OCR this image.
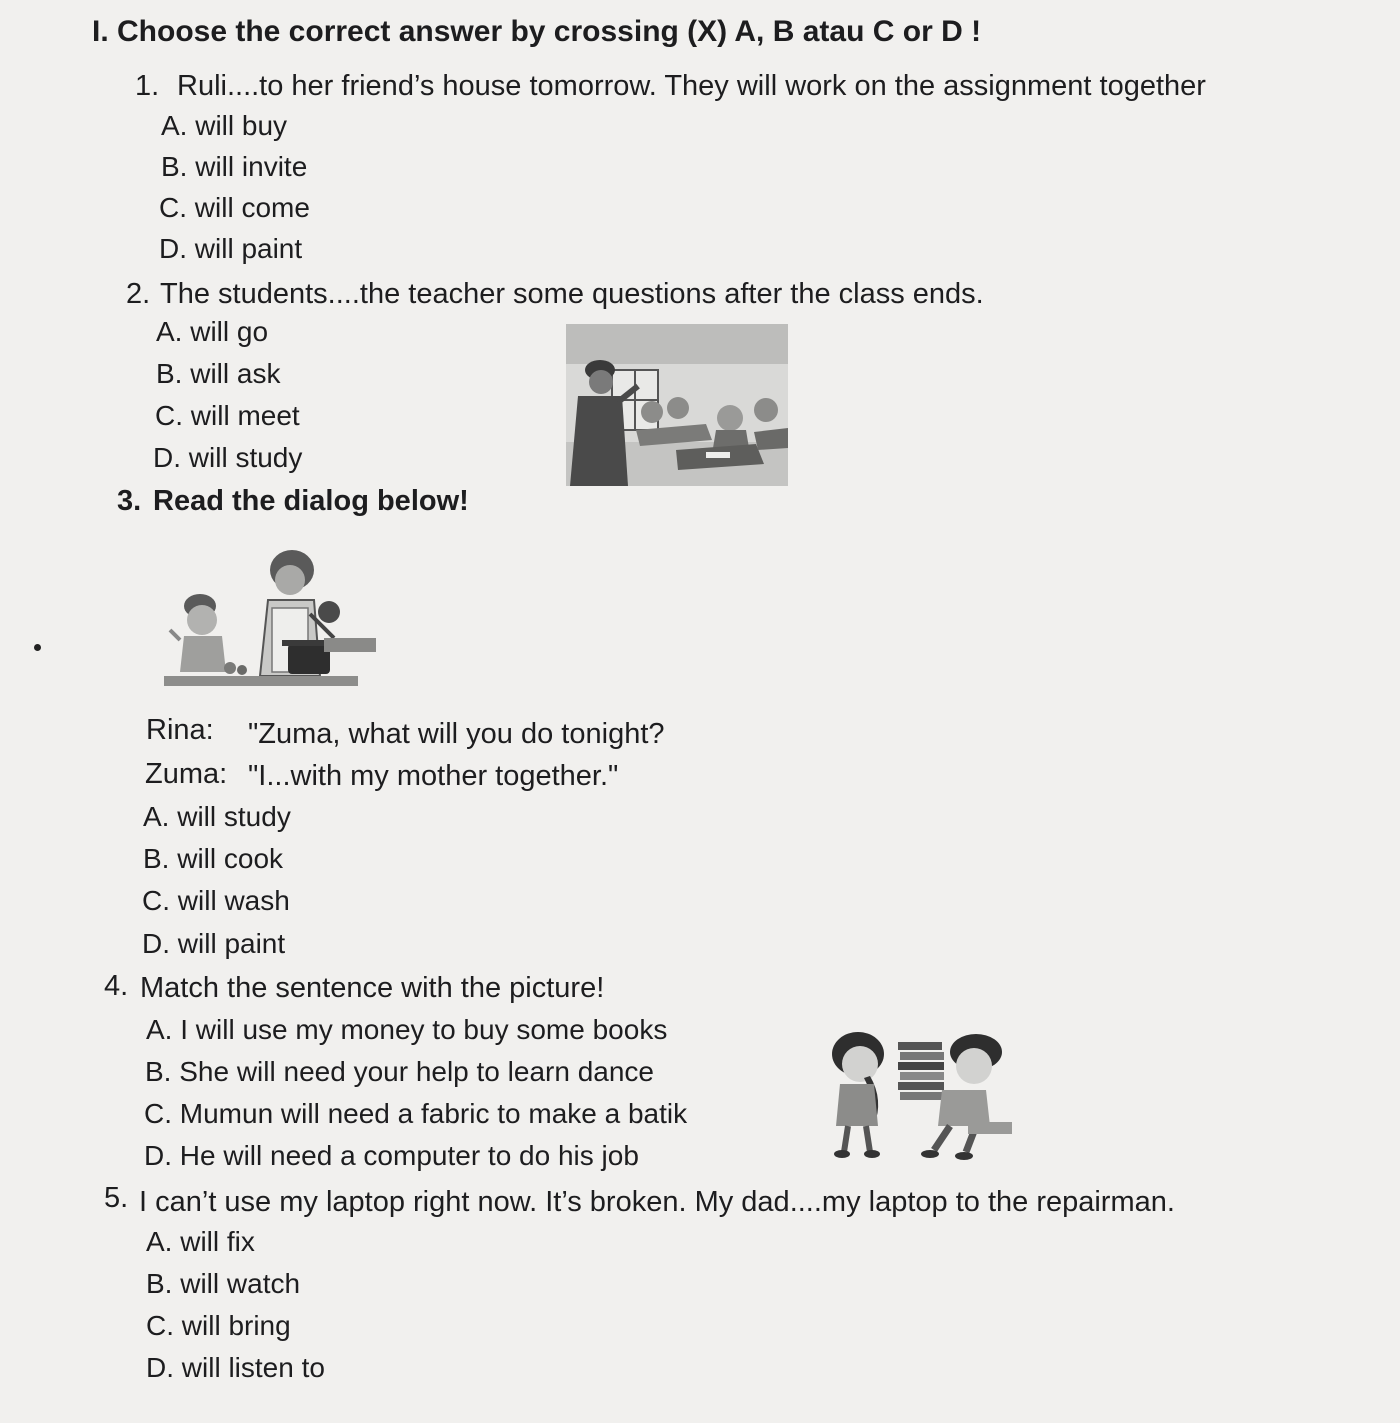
I. Choose the correct answer by crossing (X) A, B atau C or D !

1. Ruli....to her friend’s house tomorrow. They will work on the assignment together

A. will buy

B. will invite

C. will come

D. will paint

2. The students....the teacher some questions after the class ends.

A. will go

B. will ask

C. will meet

D. will study

3. Read the dialog below!

Rina: "Zuma, what will you do tonight?

Zuma: "I...with my mother together."

A. will study

B. will cook

C. will wash

D. will paint

4. Match the sentence with the picture!

A. I will use my money to buy some books

B. She will need your help to learn dance

C. Mumun will need a fabric to make a batik

D. He will need a computer to do his job

5. I can’t use my laptop right now. It’s broken. My dad....my laptop to the repairman.

A. will fix

B. will watch

C. will bring

D. will listen to
